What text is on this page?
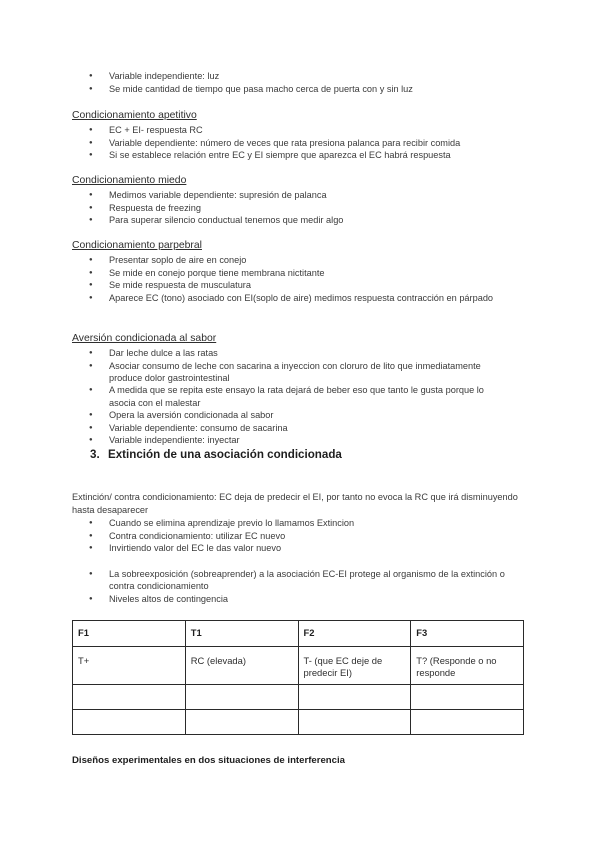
● Variable independiente: luz
● Se mide cantidad de tiempo que pasa macho cerca de puerta con y sin luz
Condicionamiento apetitivo
● EC + EI- respuesta RC
● Variable dependiente: número de veces que rata presiona palanca para recibir comida
● Si se establece relación entre EC y EI siempre que aparezca el EC habrá respuesta
Condicionamiento miedo
● Medimos variable dependiente: supresión de palanca
● Respuesta de freezing
● Para superar silencio conductual tenemos que medir algo
Condicionamiento parpebral
● Presentar soplo de aire en conejo
● Se mide en conejo porque tiene membrana nictitante
● Se mide respuesta de musculatura
● Aparece EC (tono) asociado con EI(soplo de aire) medimos respuesta contracción en párpado
Aversión condicionada al sabor
● Dar leche dulce a las ratas
● Asociar consumo de leche con sacarina a inyeccion con cloruro de lito que inmediatamente produce dolor gastrointestinal
● A medida que se repita este ensayo la rata dejará de beber eso que tanto le gusta porque lo asocia con el malestar
● Opera la aversión condicionada al sabor
● Variable dependiente: consumo de sacarina
● Variable independiente: inyectar
3. Extinción de una asociación condicionada
Extinción/ contra condicionamiento: EC deja de predecir el EI, por tanto no evoca la RC que irá disminuyendo hasta desaparecer
● Cuando se elimina aprendizaje previo lo llamamos Extincion
● Contra condicionamiento: utilizar EC nuevo
● Invirtiendo valor del EC le das valor nuevo
● La sobreexposición (sobreaprender) a la asociación EC-EI protege al organismo de la extinción o contra condicionamiento
● Niveles altos de contingencia
F1	T1	F2	F3
T+	RC (elevada)	T- (que EC deje de predecir EI)	T? (Responde o no responde

Diseños experimentales en dos situaciones de interferencia
